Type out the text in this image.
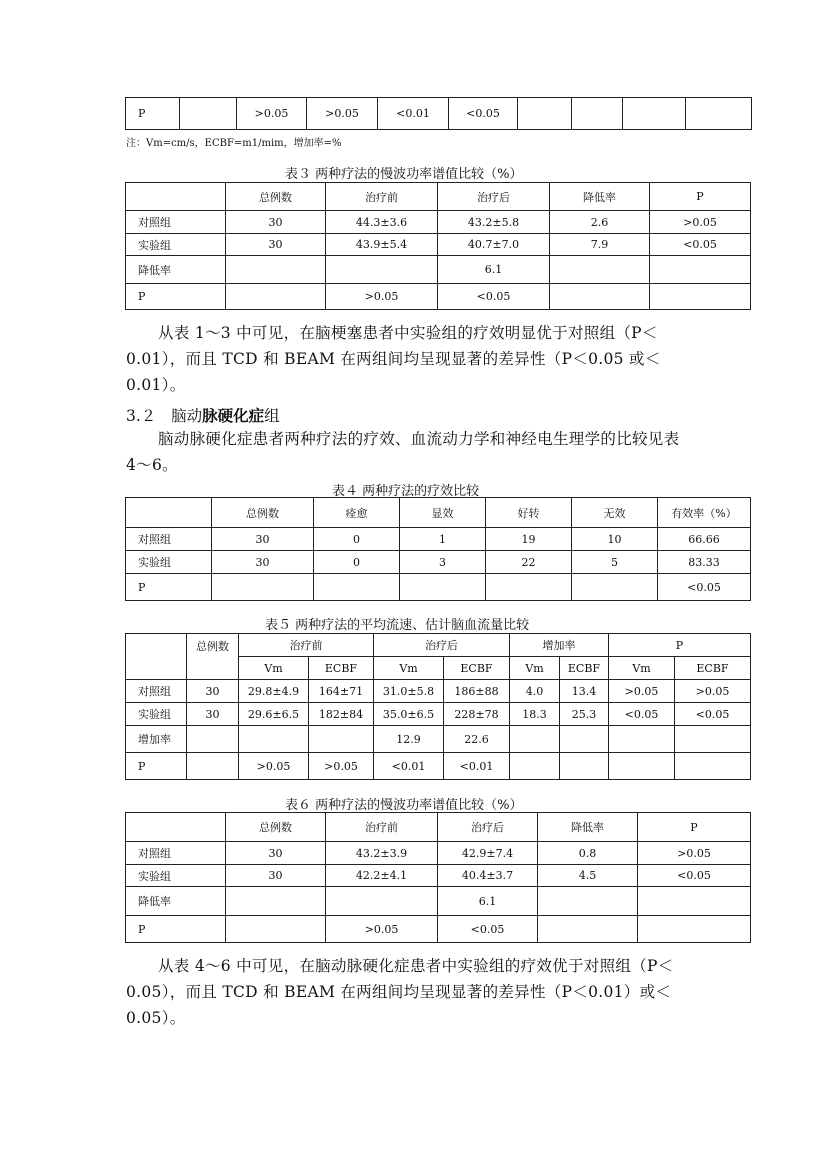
P		>0.05	>0.05	<0.01	<0.05				
注：Vm=cm/s，ECBF=m1/mim，增加率=%
表３ 两种疗法的慢波功率谱值比较（%）
	总例数	治疗前	治疗后	降低率	P
对照组	30	44.3±3.6	43.2±5.8	2.6	>0.05
实验组	30	43.9±5.4	40.7±7.0	7.9	<0.05
降低率			6.1		
P		>0.05	<0.05		
从表 1～3 中可见，在脑梗塞患者中实验组的疗效明显优于对照组（P＜
0.01），而且 TCD 和 BEAM 在两组间均呈现显著的差异性（P＜0.05 或＜
0.01）。
3.２ 脑动脉硬化症组
脑动脉硬化症患者两种疗法的疗效、血流动力学和神经电生理学的比较见表
4～6。
表４ 两种疗法的疗效比较
	总例数	痊愈	显效	好转	无效	有效率（%）
对照组	30	0	1	19	10	66.66
实验组	30	0	3	22	5	83.33
P						<0.05
表５ 两种疗法的平均流速、估计脑血流量比较
	总例数	治疗前		治疗后		增加率		P	
		Vm	ECBF	Vm	ECBF	Vm	ECBF	Vm	ECBF
对照组	30	29.8±4.9	164±71	31.0±5.8	186±88	4.0	13.4	>0.05	>0.05
实验组	30	29.6±6.5	182±84	35.0±6.5	228±78	18.3	25.3	<0.05	<0.05
增加率				12.9	22.6				
P		>0.05	>0.05	<0.01	<0.01				
表６ 两种疗法的慢波功率谱值比较（%）
	总例数	治疗前	治疗后	降低率	P
对照组	30	43.2±3.9	42.9±7.4	0.8	>0.05
实验组	30	42.2±4.1	40.4±3.7	4.5	<0.05
降低率			6.1		
P		>0.05	<0.05		
从表 4～6 中可见，在脑动脉硬化症患者中实验组的疗效优于对照组（P＜
0.05），而且 TCD 和 BEAM 在两组间均呈现显著的差异性（P＜0.01）或＜
0.05）。
